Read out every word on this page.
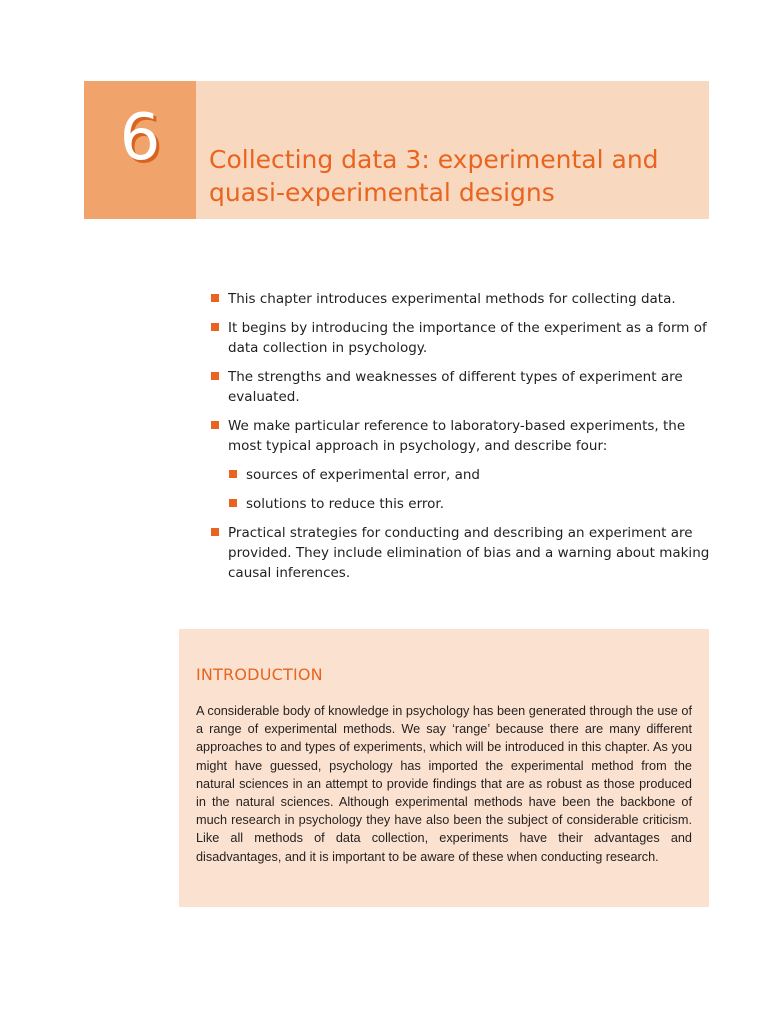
6	Collecting data 3: experimental and quasi-experimental designs
This chapter introduces experimental methods for collecting data.
It begins by introducing the importance of the experiment as a form of data collection in psychology.
The strengths and weaknesses of different types of experiment are evaluated.
We make particular reference to laboratory-based experiments, the most typical approach in psychology, and describe four:
sources of experimental error, and
solutions to reduce this error.
Practical strategies for conducting and describing an experiment are provided. They include elimination of bias and a warning about making causal inferences.
INTRODUCTION

A considerable body of knowledge in psychology has been generated through the use of a range of experimental methods. We say ‘range’ because there are many different approaches to and types of experiments, which will be introduced in this chapter. As you might have guessed, psychology has imported the experimental method from the natural sciences in an attempt to provide findings that are as robust as those produced in the natural sciences. Although experimental methods have been the backbone of much research in psychology they have also been the subject of considerable criticism. Like all methods of data collection, experiments have their advantages and disadvantages, and it is important to be aware of these when conducting research.
